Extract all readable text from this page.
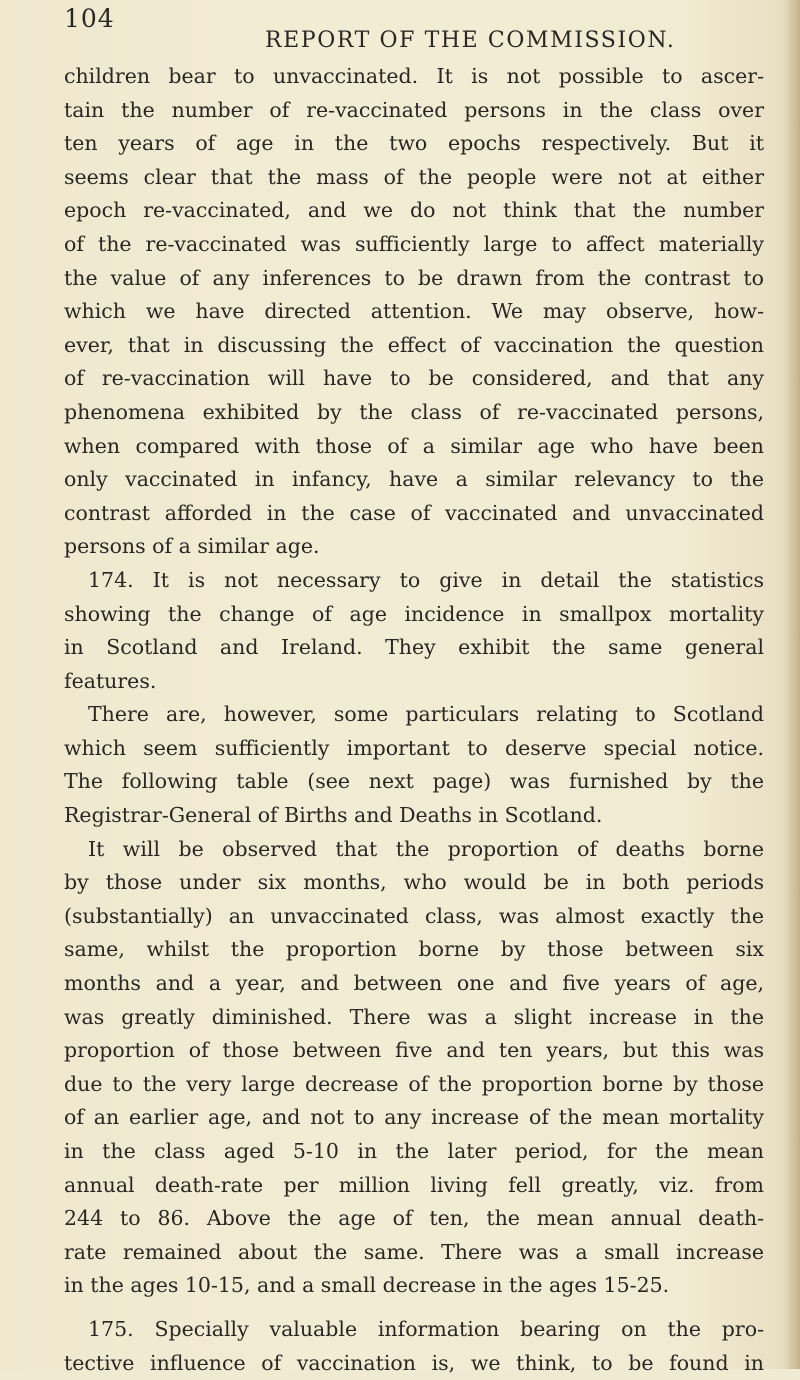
104
REPORT OF THE COMMISSION.
children bear to unvaccinated. It is not possible to ascer-
tain the number of re-vaccinated persons in the class over
ten years of age in the two epochs respectively. But it
seems clear that the mass of the people were not at either
epoch re-vaccinated, and we do not think that the number
of the re-vaccinated was sufficiently large to affect materially
the value of any inferences to be drawn from the contrast to
which we have directed attention. We may observe, how-
ever, that in discussing the effect of vaccination the question
of re-vaccination will have to be considered, and that any
phenomena exhibited by the class of re-vaccinated persons,
when compared with those of a similar age who have been
only vaccinated in infancy, have a similar relevancy to the
contrast afforded in the case of vaccinated and unvaccinated
persons of a similar age.
174. It is not necessary to give in detail the statistics
showing the change of age incidence in smallpox mortality
in Scotland and Ireland. They exhibit the same general
features.
There are, however, some particulars relating to Scotland
which seem sufficiently important to deserve special notice.
The following table (see next page) was furnished by the
Registrar-General of Births and Deaths in Scotland.
It will be observed that the proportion of deaths borne
by those under six months, who would be in both periods
(substantially) an unvaccinated class, was almost exactly the
same, whilst the proportion borne by those between six
months and a year, and between one and five years of age,
was greatly diminished. There was a slight increase in the
proportion of those between five and ten years, but this was
due to the very large decrease of the proportion borne by those
of an earlier age, and not to any increase of the mean mortality
in the class aged 5-10 in the later period, for the mean
annual death-rate per million living fell greatly, viz. from
244 to 86. Above the age of ten, the mean annual death-
rate remained about the same. There was a small increase
in the ages 10-15, and a small decrease in the ages 15-25.
175. Specially valuable information bearing on the pro-
tective influence of vaccination is, we think, to be found in
